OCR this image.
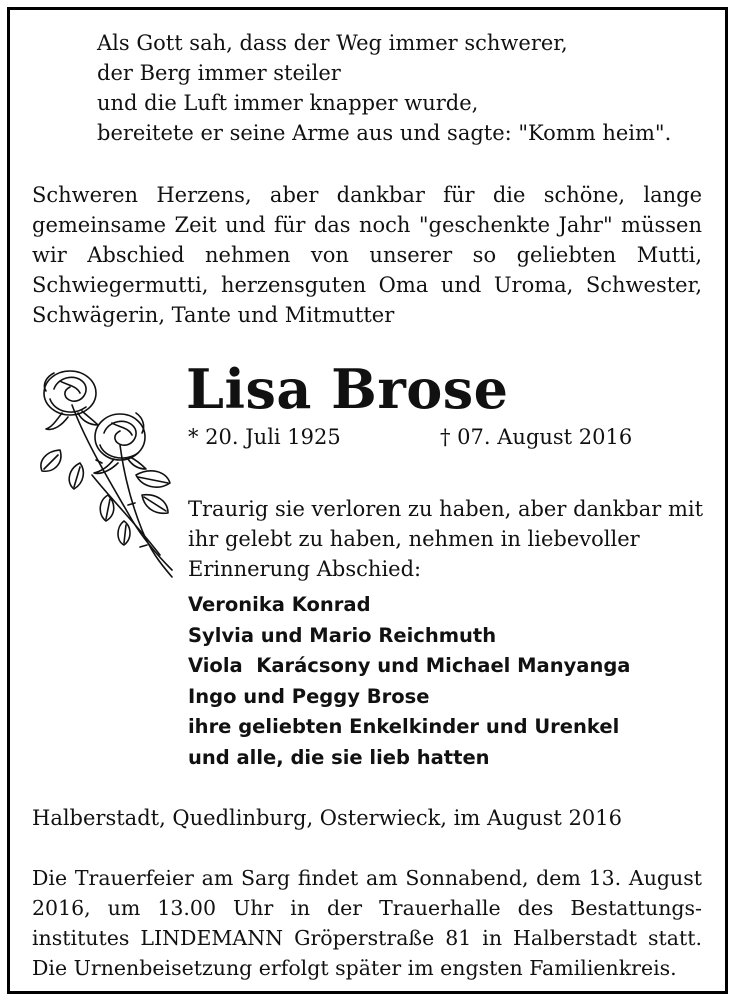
Als Gott sah, dass der Weg immer schwerer,
der Berg immer steiler
und die Luft immer knapper wurde,
bereitete er seine Arme aus und sagte: "Komm heim".
Schweren Herzens, aber dankbar für die schöne, lange
gemeinsame Zeit und für das noch "geschenkte Jahr" müssen
wir Abschied nehmen von unserer so geliebten Mutti,
Schwiegermutti, herzensguten Oma und Uroma, Schwester,
Schwägerin, Tante und Mitmutter
Lisa Brose
* 20. Juli 1925	† 07. August 2016
Traurig sie verloren zu haben, aber dankbar mit
ihr gelebt zu haben, nehmen in liebevoller
Erinnerung Abschied:
Veronika Konrad
Sylvia und Mario Reichmuth
Viola  Karácsony und Michael Manyanga
Ingo und Peggy Brose
ihre geliebten Enkelkinder und Urenkel
und alle, die sie lieb hatten
Halberstadt, Quedlinburg, Osterwieck, im August 2016
Die Trauerfeier am Sarg findet am Sonnabend, dem 13. August
2016, um 13.00 Uhr in der Trauerhalle des Bestattungs-
institutes LINDEMANN Gröperstraße 81 in Halberstadt statt.
Die Urnenbeisetzung erfolgt später im engsten Familienkreis.
